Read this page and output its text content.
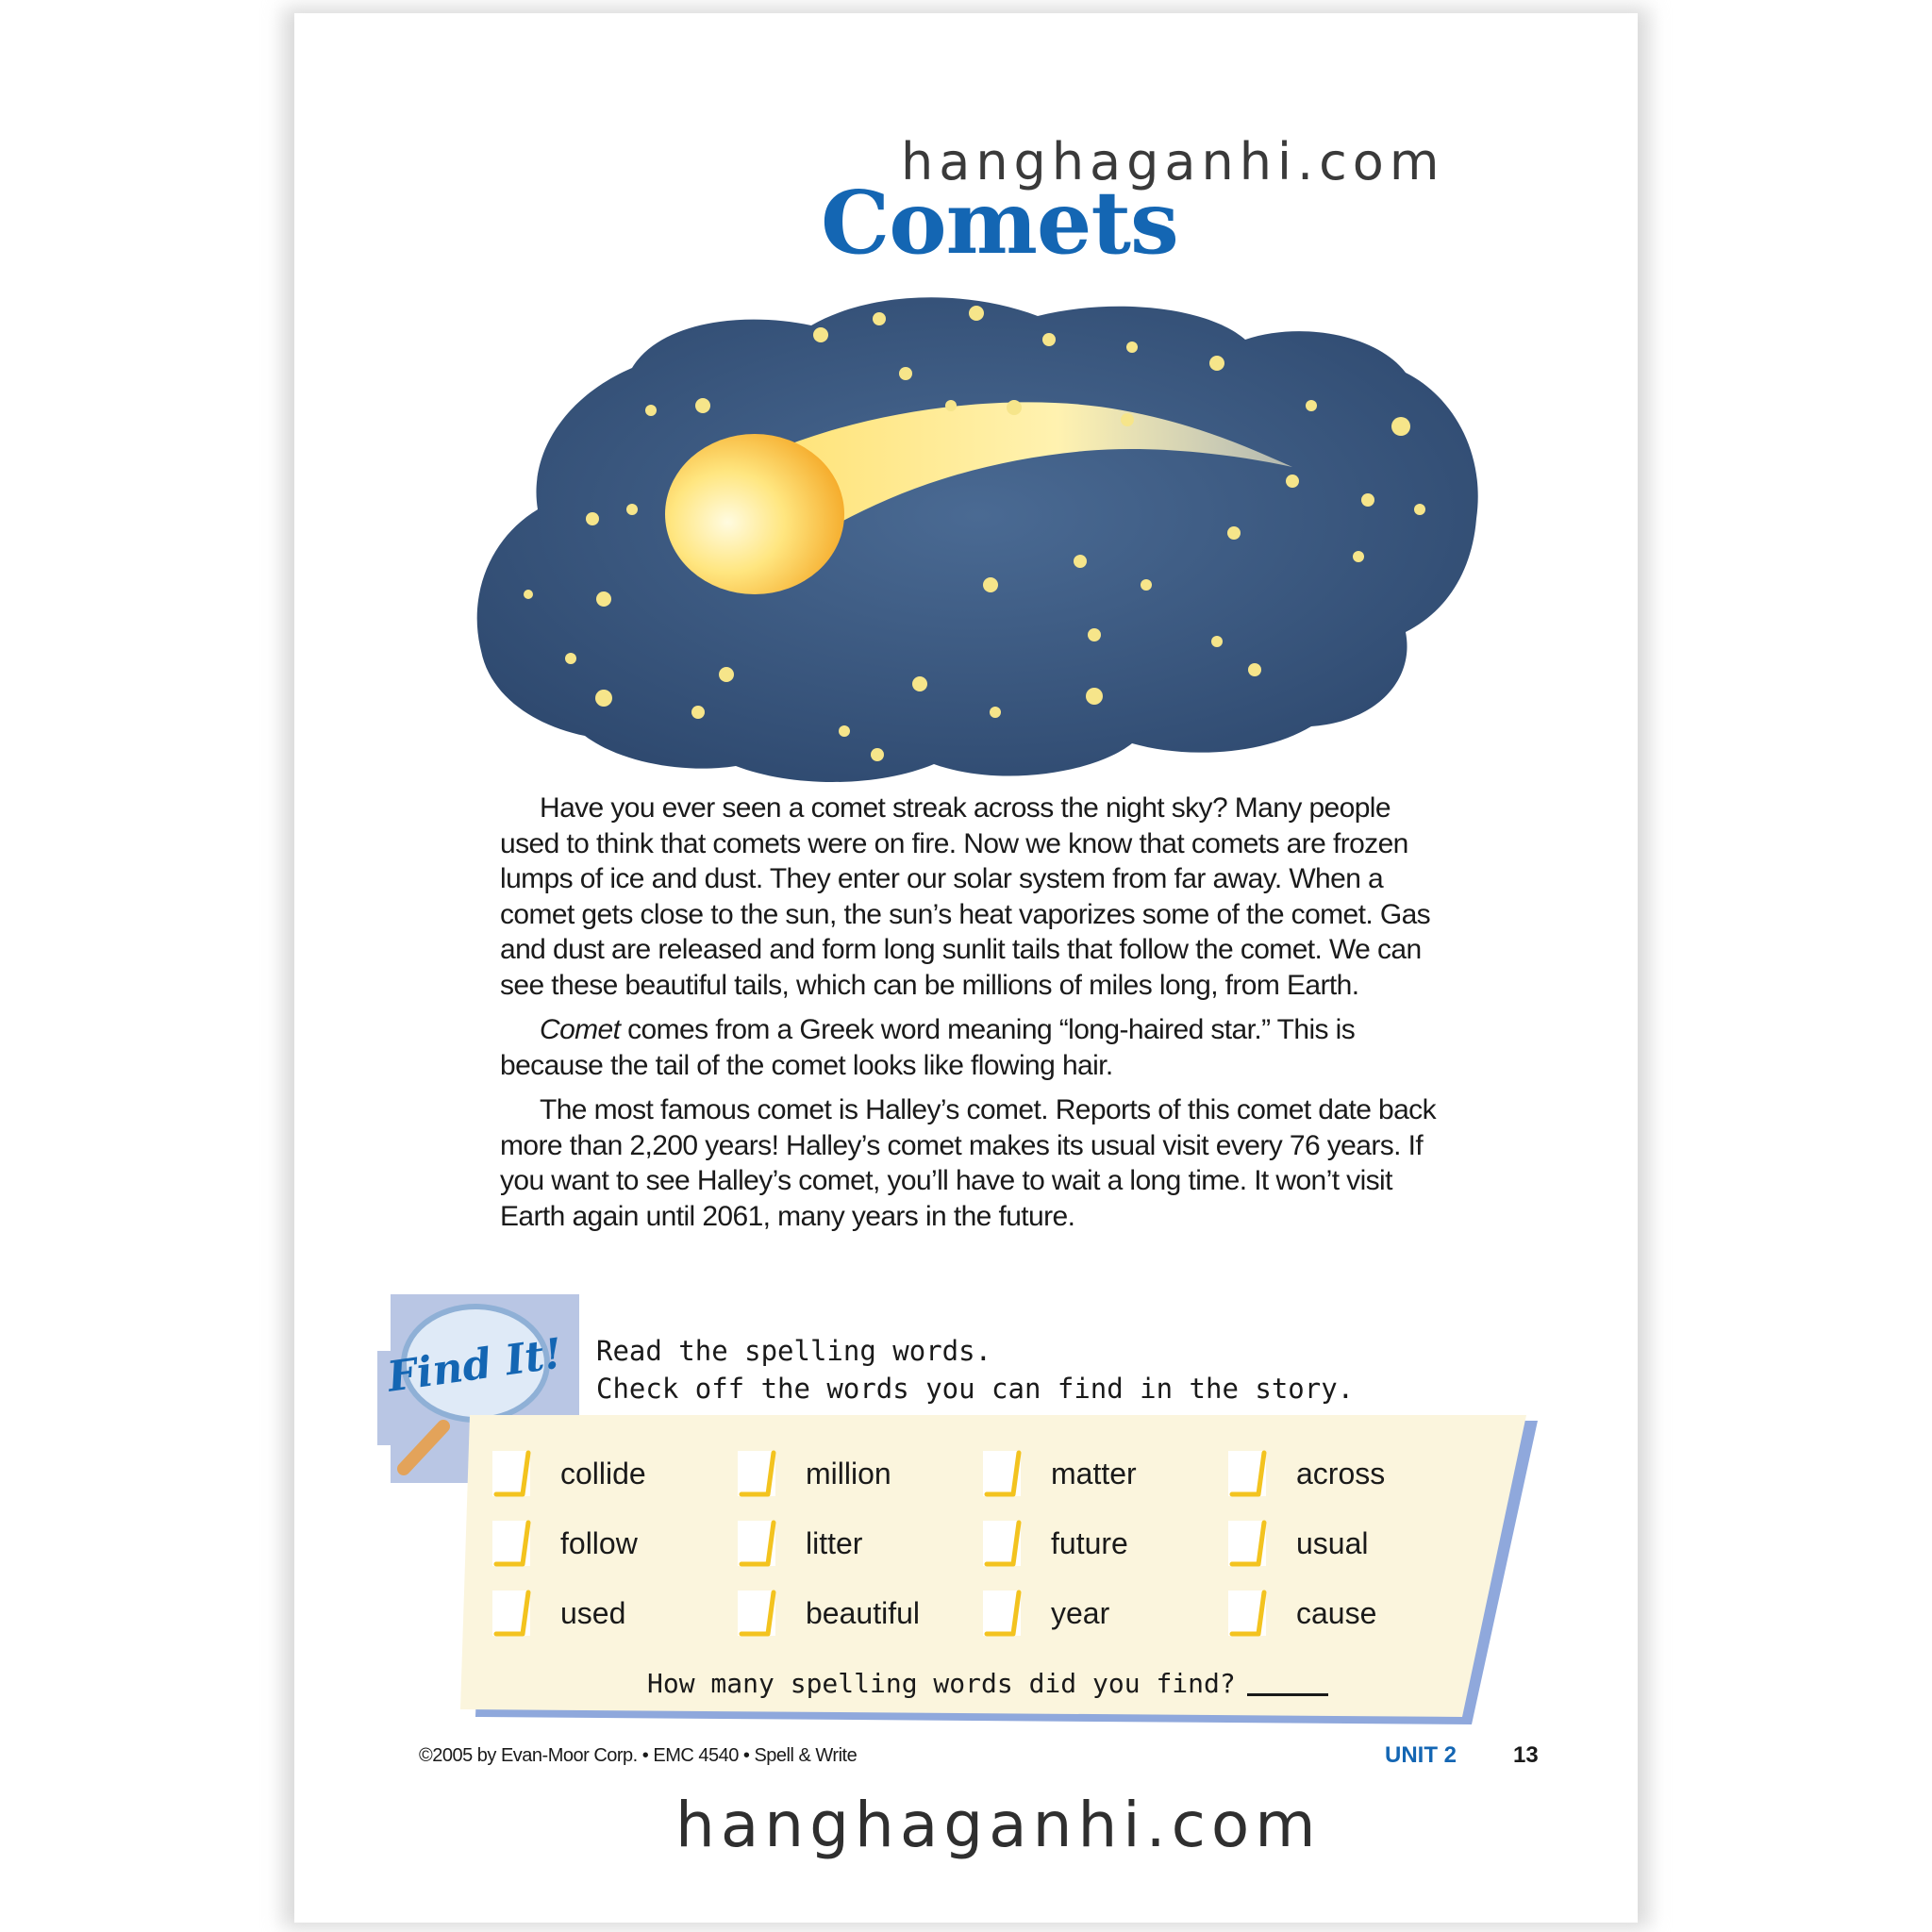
hanghaganhi.com
Comets

Have you ever seen a comet streak across the night sky? Many people used to think that comets were on fire. Now we know that comets are frozen lumps of ice and dust. They enter our solar system from far away. When a comet gets close to the sun, the sun’s heat vaporizes some of the comet. Gas and dust are released and form long sunlit tails that follow the comet. We can see these beautiful tails, which can be millions of miles long, from Earth.

Comet comes from a Greek word meaning “long-haired star.” This is because the tail of the comet looks like flowing hair.

The most famous comet is Halley’s comet. Reports of this comet date back more than 2,200 years! Halley’s comet makes its usual visit every 76 years. If you want to see Halley’s comet, you’ll have to wait a long time. It won’t visit Earth again until 2061, many years in the future.

Find It! Read the spelling words.
Check off the words you can find in the story.
collide	million	matter	across
follow	litter	future	usual
used	beautiful	year	cause
How many spelling words did you find?
©2005 by Evan-Moor Corp. • EMC 4540 • Spell & Write	UNIT 2 13
hanghaganhi.com
